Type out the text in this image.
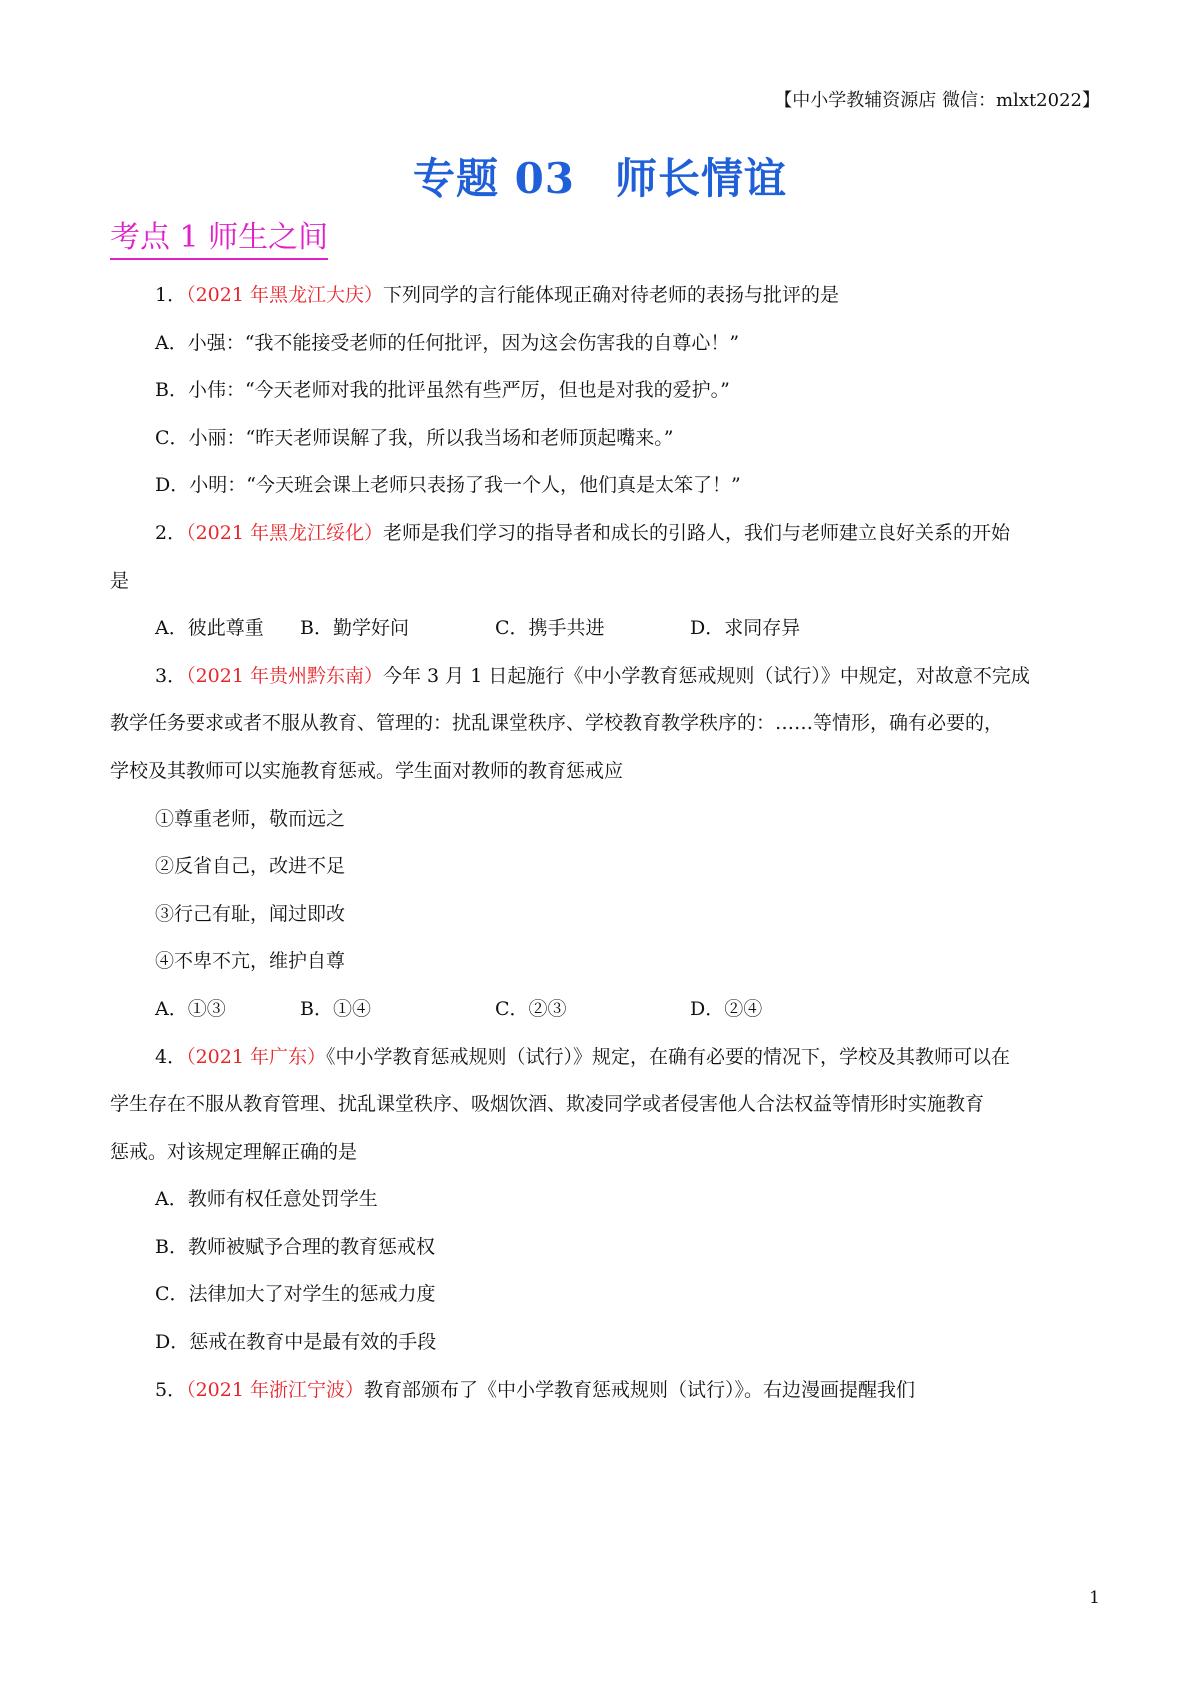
【中小学教辅资源店 微信：mlxt2022】
专题 03 师长情谊
考点 1 师生之间
1．（2021 年黑龙江大庆）下列同学的言行能体现正确对待老师的表扬与批评的是
A．小强：“我不能接受老师的任何批评，因为这会伤害我的自尊心！”
B．小伟：“今天老师对我的批评虽然有些严厉，但也是对我的爱护。”
C．小丽：“昨天老师误解了我，所以我当场和老师顶起嘴来。”
D．小明：“今天班会课上老师只表扬了我一个人，他们真是太笨了！”
2．（2021 年黑龙江绥化）老师是我们学习的指导者和成长的引路人，我们与老师建立良好关系的开始
是
A．彼此尊重	B．勤学好问	C．携手共进	D．求同存异
3．（2021 年贵州黔东南）今年 3 月 1 日起施行《中小学教育惩戒规则（试行）》中规定，对故意不完成
教学任务要求或者不服从教育、管理的：扰乱课堂秩序、学校教育教学秩序的：……等情形，确有必要的，
学校及其教师可以实施教育惩戒。学生面对教师的教育惩戒应
①尊重老师，敬而远之
②反省自己，改进不足
③行己有耻，闻过即改
④不卑不亢，维护自尊
A．①③	B．①④	C．②③	D．②④
4．（2021 年广东）《中小学教育惩戒规则（试行）》规定，在确有必要的情况下，学校及其教师可以在
学生存在不服从教育管理、扰乱课堂秩序、吸烟饮酒、欺凌同学或者侵害他人合法权益等情形时实施教育
惩戒。对该规定理解正确的是
A．教师有权任意处罚学生
B．教师被赋予合理的教育惩戒权
C．法律加大了对学生的惩戒力度
D．惩戒在教育中是最有效的手段
5．（2021 年浙江宁波）教育部颁布了《中小学教育惩戒规则（试行）》。右边漫画提醒我们
1
